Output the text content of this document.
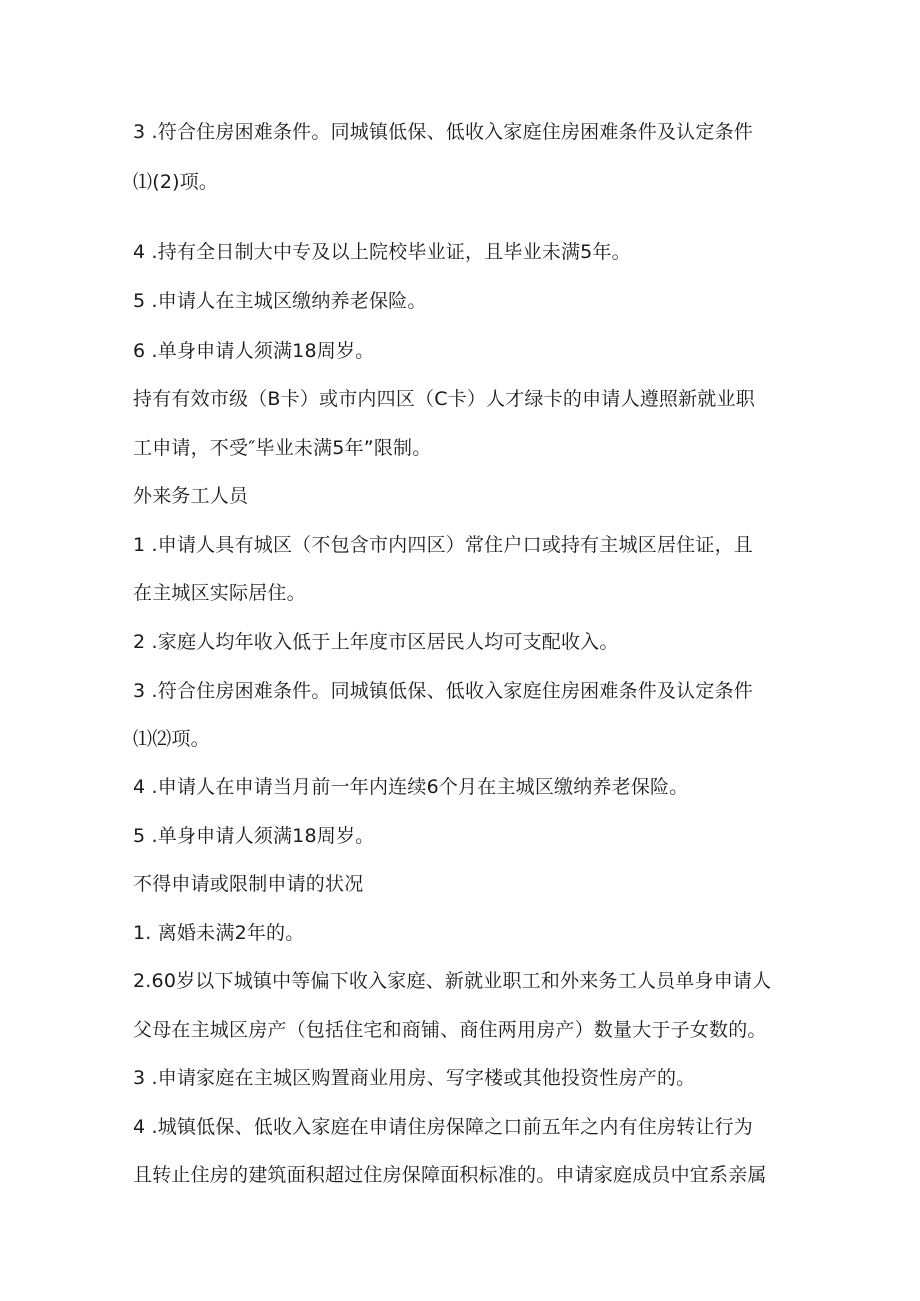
3 .符合住房困难条件。同城镇低保、低收入家庭住房困难条件及认定条件
⑴(2)项。
4 .持有全日制大中专及以上院校毕业证，且毕业未满5年。
5 .申请人在主城区缴纳养老保险。
6 .单身申请人须满18周岁。
持有有效市级（B卡）或市内四区（C卡）人才绿卡的申请人遵照新就业职
工申请，不受″毕业未满5年”限制。
外来务工人员
1 .申请人具有城区（不包含市内四区）常住户口或持有主城区居住证，且
在主城区实际居住。
2 .家庭人均年收入低于上年度市区居民人均可支配收入。
3 .符合住房困难条件。同城镇低保、低收入家庭住房困难条件及认定条件
⑴⑵项。
4 .申请人在申请当月前一年内连续6个月在主城区缴纳养老保险。
5 .单身申请人须满18周岁。
不得申请或限制申请的状况
1. 离婚未满2年的。
2.60岁以下城镇中等偏下收入家庭、新就业职工和外来务工人员单身申请人
父母在主城区房产（包括住宅和商铺、商住两用房产）数量大于子女数的。
3 .申请家庭在主城区购置商业用房、写字楼或其他投资性房产的。
4 .城镇低保、低收入家庭在申请住房保障之口前五年之内有住房转让行为
且转止住房的建筑面积超过住房保障面积标准的。申请家庭成员中宜系亲属
